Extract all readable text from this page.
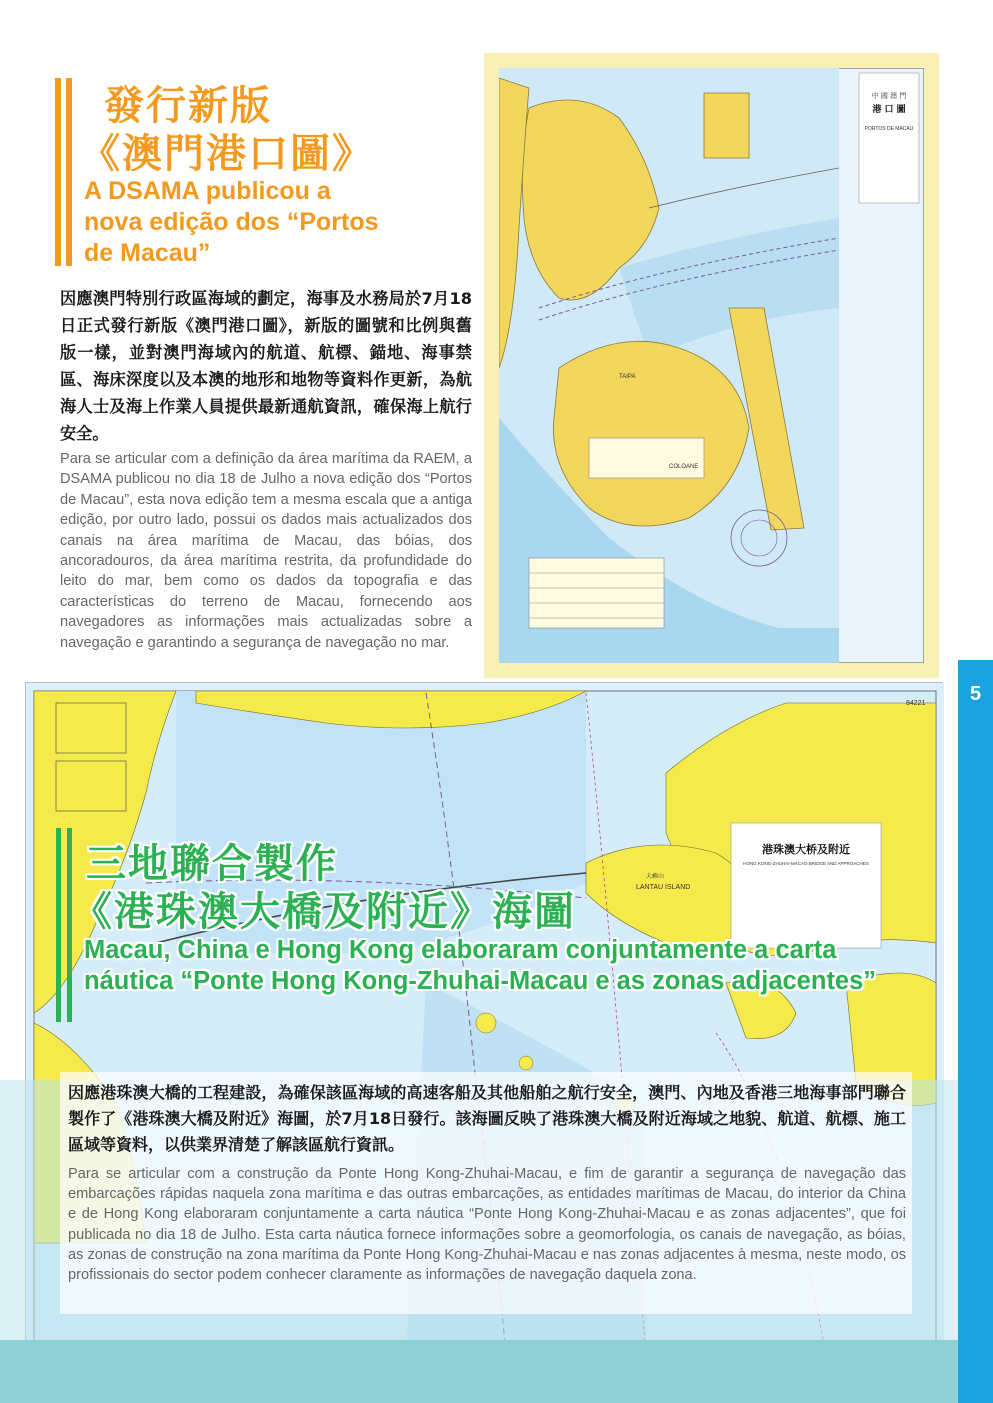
發行新版
《澳門港口圖》
A DSAMA publicou a nova edição dos “Portos de Macau”
因應澳門特別行政區海域的劃定，海事及水務局於7月18日正式發行新版《澳門港口圖》，新版的圖號和比例與舊版一樣，並對澳門海域內的航道、航標、錨地、海事禁區、海床深度以及本澳的地形和地物等資料作更新，為航海人士及海上作業人員提供最新通航資訊，確保海上航行安全。
Para se articular com a definição da área marítima da RAEM, a DSAMA publicou no dia 18 de Julho a nova edição dos “Portos de Macau”, esta nova edição tem a mesma escala que a antiga edição, por outro lado, possui os dados mais actualizados dos canais na área marítima de Macau, das bóias, dos ancoradouros, da área marítima restrita, da profundidade do leito do mar, bem como os dados da topografia e das características do terreno de Macau, fornecendo aos navegadores as informações mais actualizadas sobre a navegação e garantindo a segurança de navegação no mar.
中 國 澳 門
港 口 圖
PORTOS DE MACAU
TAIPA
COLOANE
港珠澳大桥及附近
HONG KONG-ZHUHAI-MACAO BRIDGE AND APPROACHES
LANTAU ISLAND
大嶼山
84221	5
三地聯合製作
《港珠澳大橋及附近》海圖
Macau, China e Hong Kong elaboraram conjuntamente a carta náutica “Ponte Hong Kong-Zhuhai-Macau e as zonas adjacentes”
因應港珠澳大橋的工程建設，為確保該區海域的高速客船及其他船舶之航行安全，澳門、內地及香港三地海事部門聯合製作了《港珠澳大橋及附近》海圖，於7月18日發行。該海圖反映了港珠澳大橋及附近海域之地貌、航道、航標、施工區域等資料，以供業界清楚了解該區航行資訊。
Para se articular com a construção da Ponte Hong Kong-Zhuhai-Macau, e fim de garantir a segurança de navegação das embarcações rápidas naquela zona marítima e das outras embarcações, as entidades marítimas de Macau, do interior da China e de Hong Kong elaboraram conjuntamente a carta náutica “Ponte Hong Kong-Zhuhai-Macau e as zonas adjacentes”, que foi publicada no dia 18 de Julho. Esta carta náutica fornece informações sobre a geomorfologia, os canais de navegação, as bóias, as zonas de construção na zona marítima da Ponte Hong Kong-Zhuhai-Macau e nas zonas adjacentes à mesma, neste modo, os profissionais do sector podem conhecer claramente as informações de navegação daquela zona.
